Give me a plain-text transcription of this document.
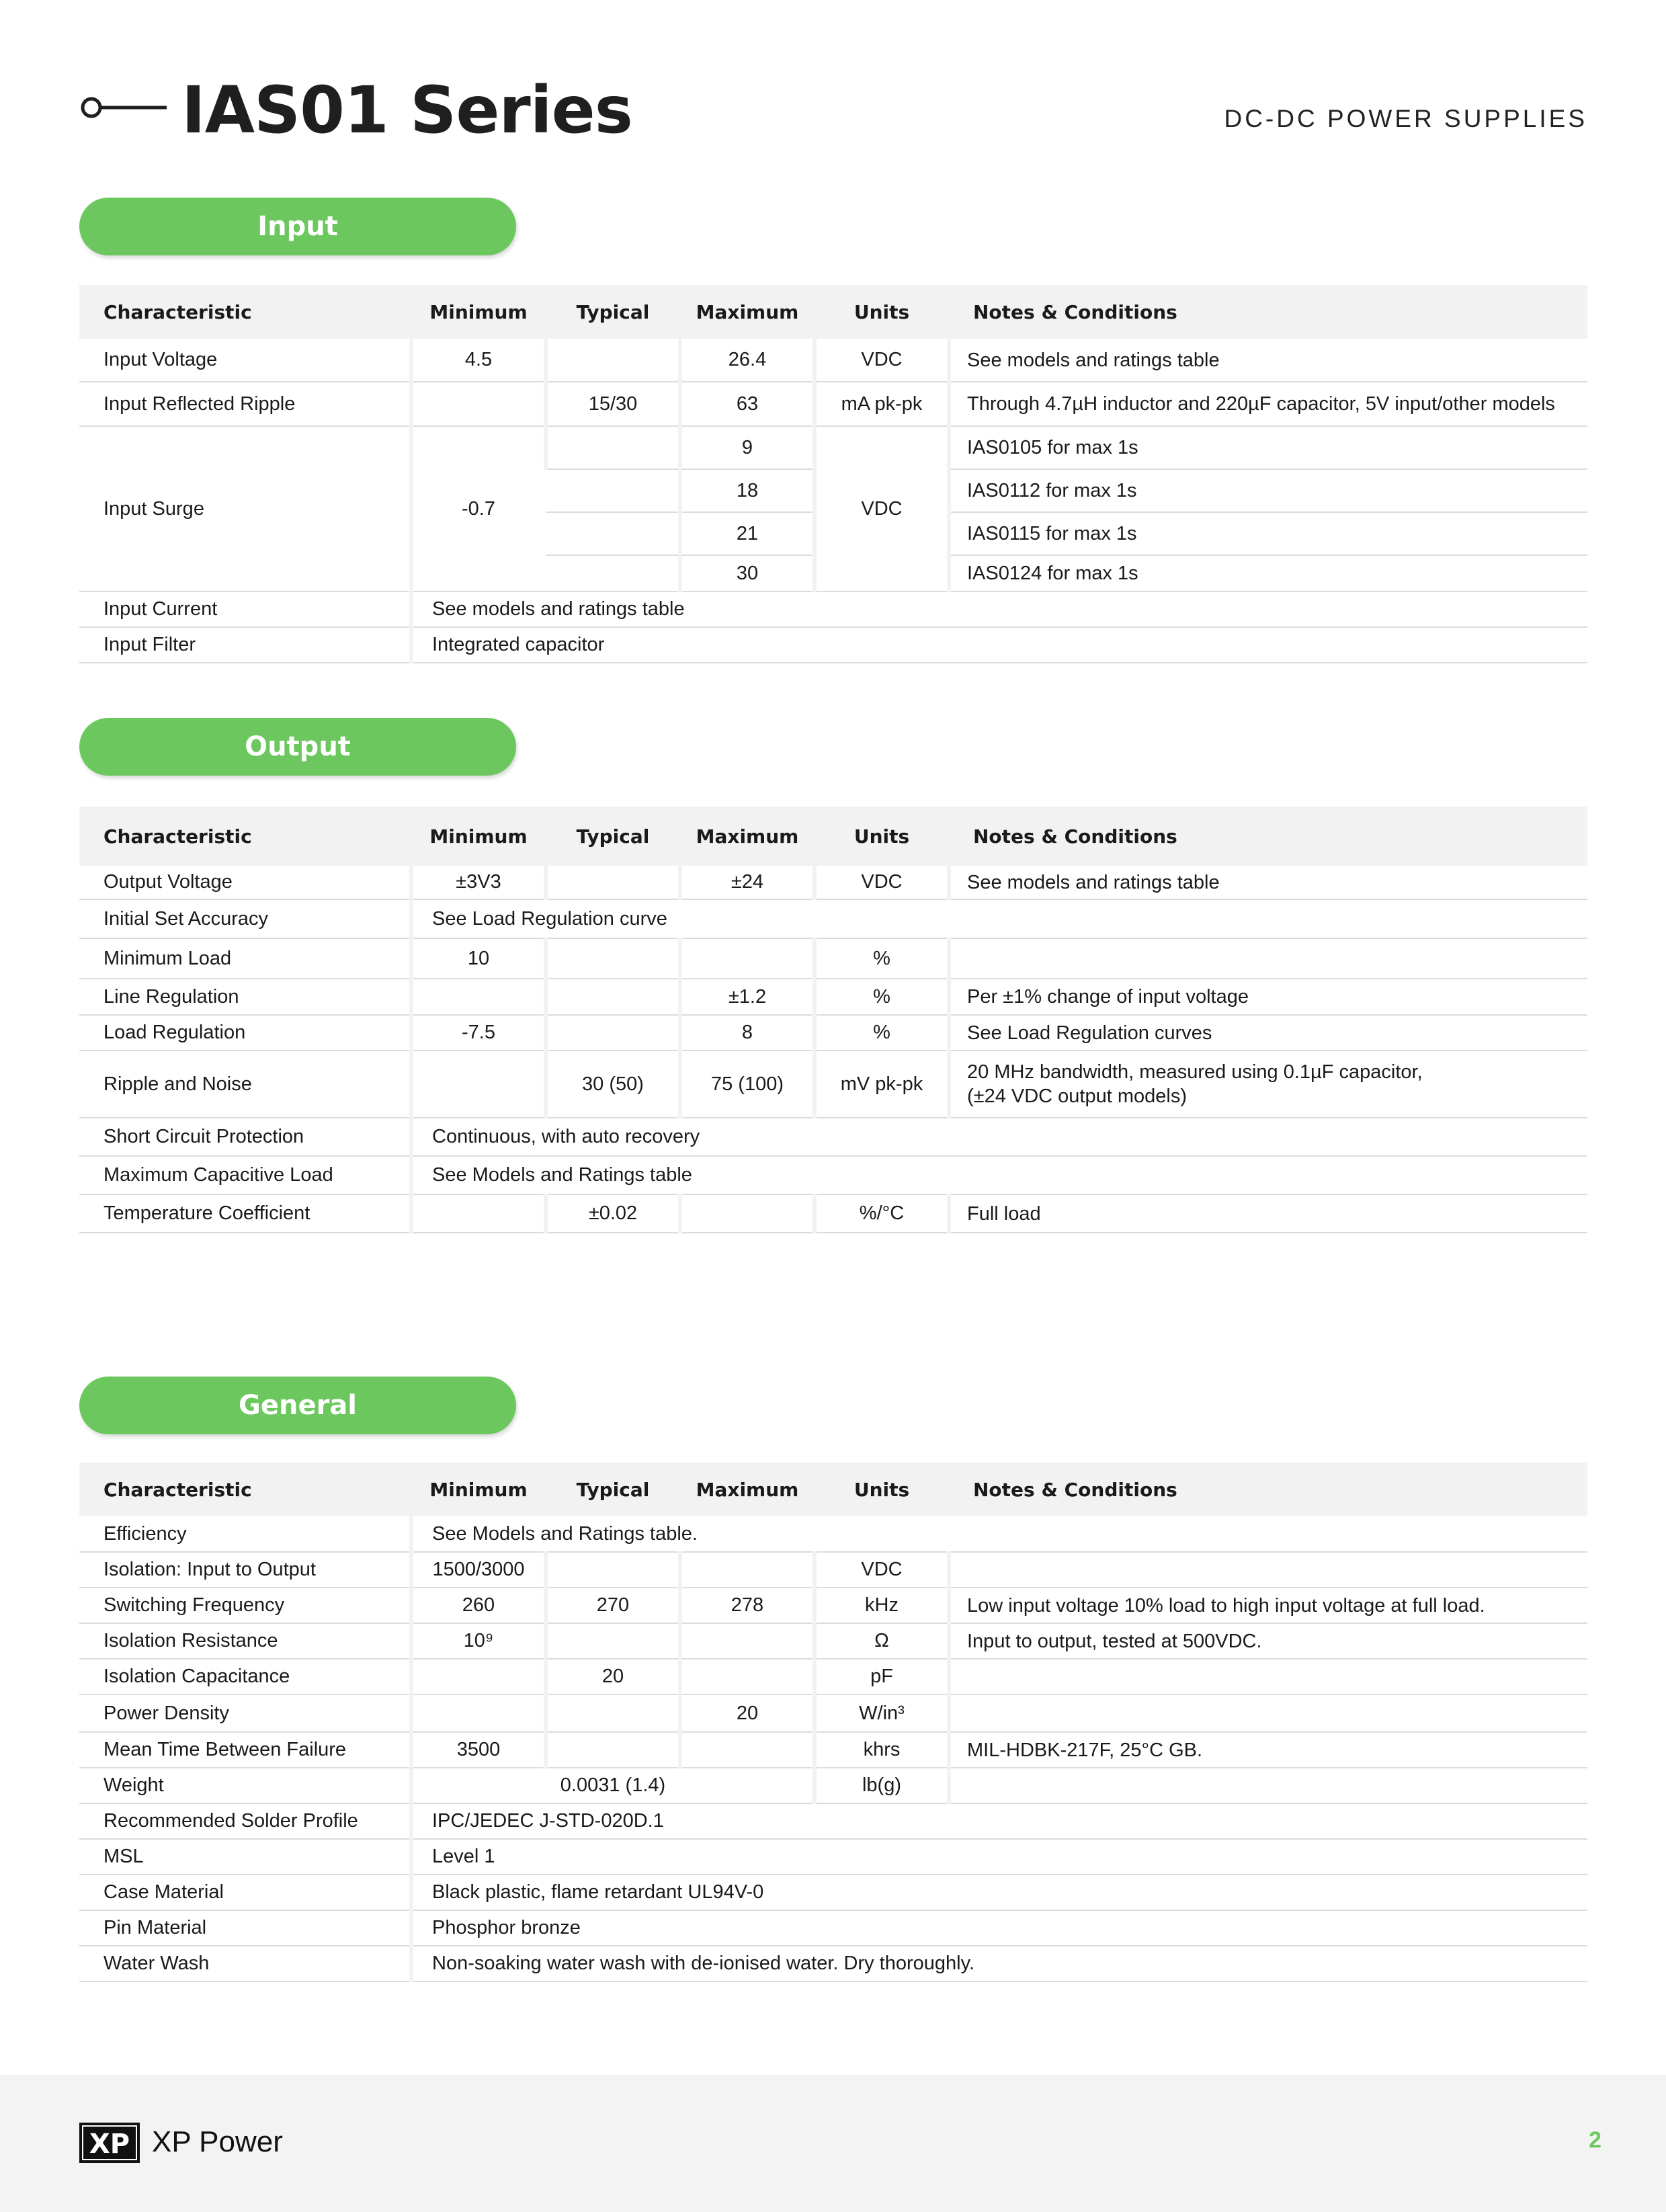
IAS01 Series	DC-DC POWER SUPPLIES
Input
Characteristic	Minimum	Typical	Maximum	Units	Notes & Conditions
Input Voltage	4.5		26.4	VDC	See models and ratings table
Input Reflected Ripple		15/30	63	mA pk-pk	Through 4.7µH inductor and 220µF capacitor, 5V input/other models
Input Surge	-0.7		9	VDC	IAS0105 for max 1s
			18		IAS0112 for max 1s
			21		IAS0115 for max 1s
			30		IAS0124 for max 1s
Input Current	See models and ratings table				
Input Filter	Integrated capacitor				
Output
Characteristic	Minimum	Typical	Maximum	Units	Notes & Conditions
Output Voltage	±3V3		±24	VDC	See models and ratings table
Initial Set Accuracy	See Load Regulation curve				
Minimum Load	10			%	
Line Regulation			±1.2	%	Per ±1% change of input voltage
Load Regulation	-7.5		8	%	See Load Regulation curves
Ripple and Noise		30 (50)	75 (100)	mV pk-pk	20 MHz bandwidth, measured using 0.1µF capacitor,
(±24 VDC output models)

Short Circuit Protection	Continuous, with auto recovery				
Maximum Capacitive Load	See Models and Ratings table				
Temperature Coefficient		±0.02		%/°C	Full load
General
Characteristic	Minimum	Typical	Maximum	Units	Notes & Conditions
Efficiency	See Models and Ratings table.				
Isolation: Input to Output	1500/3000			VDC	
Switching Frequency	260	270	278	kHz	Low input voltage 10% load to high input voltage at full load.
Isolation Resistance	10⁹			Ω	Input to output, tested at 500VDC.
Isolation Capacitance		20		pF	
Power Density			20	W/in³	
Mean Time Between Failure	3500			khrs	MIL-HDBK-217F, 25°C GB.
Weight	0.0031 (1.4)			lb(g)	
Recommended Solder Profile	IPC/JEDEC J-STD-020D.1				
MSL	Level 1				
Case Material	Black plastic, flame retardant UL94V-0				
Pin Material	Phosphor bronze				
Water Wash	Non-soaking water wash with de-ionised water. Dry thoroughly.				
XP XP Power	2
